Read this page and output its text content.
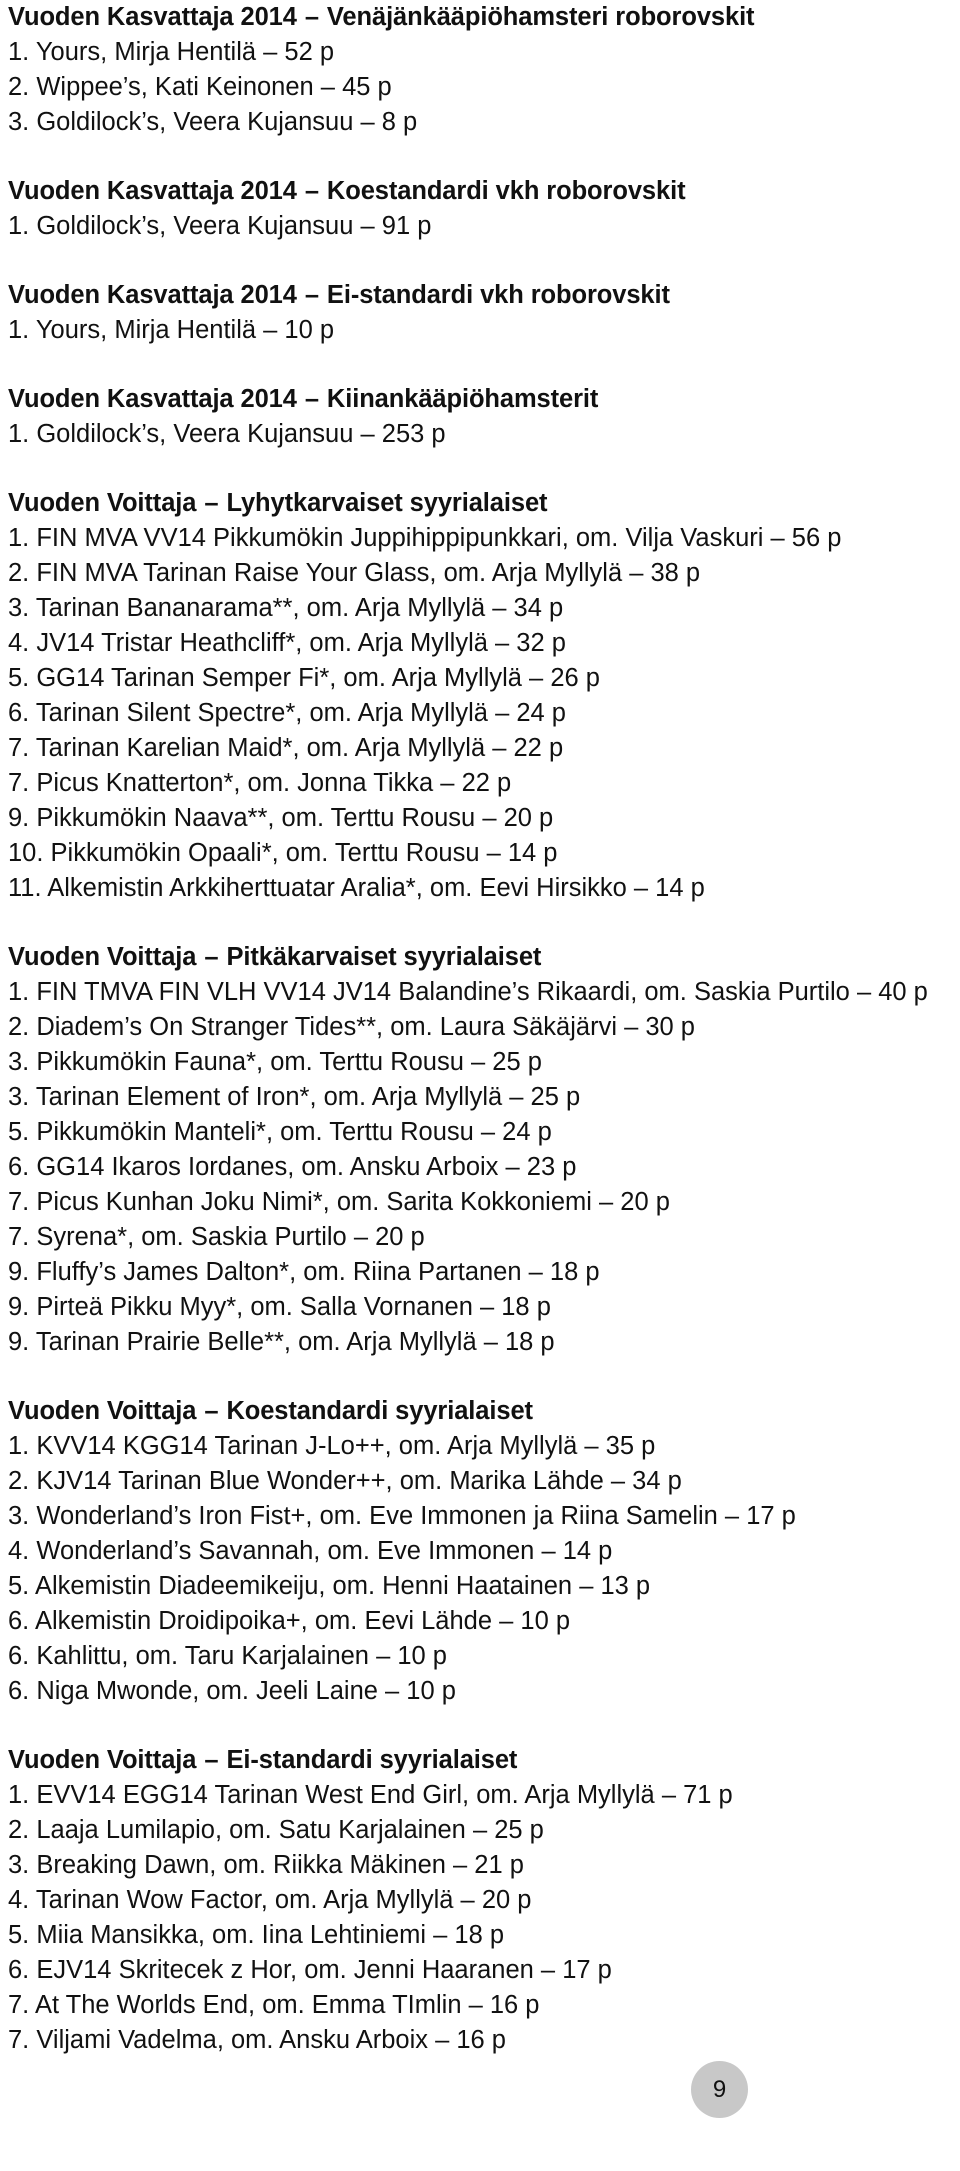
Vuoden Kasvattaja 2014 – Venäjänkääpiöhamsteri roborovskit
1. Yours, Mirja Hentilä – 52 p
2. Wippee’s, Kati Keinonen – 45 p
3. Goldilock’s, Veera Kujansuu – 8 p
Vuoden Kasvattaja 2014 – Koestandardi vkh roborovskit
1. Goldilock’s, Veera Kujansuu – 91 p
Vuoden Kasvattaja 2014 – Ei-standardi vkh roborovskit
1. Yours, Mirja Hentilä – 10 p
Vuoden Kasvattaja 2014 – Kiinankääpiöhamsterit
1. Goldilock’s, Veera Kujansuu – 253 p
Vuoden Voittaja – Lyhytkarvaiset syyrialaiset
1. FIN MVA VV14 Pikkumökin Juppihippipunkkari, om. Vilja Vaskuri – 56 p
2. FIN MVA Tarinan Raise Your Glass, om. Arja Myllylä – 38 p
3. Tarinan Bananarama**, om. Arja Myllylä – 34 p
4. JV14 Tristar Heathcliff*, om. Arja Myllylä – 32 p
5. GG14 Tarinan Semper Fi*, om. Arja Myllylä – 26 p
6. Tarinan Silent Spectre*, om. Arja Myllylä – 24 p
7. Tarinan Karelian Maid*, om. Arja Myllylä – 22 p
7. Picus Knatterton*, om. Jonna Tikka – 22 p
9. Pikkumökin Naava**, om. Terttu Rousu – 20 p
10. Pikkumökin Opaali*, om. Terttu Rousu – 14 p
11. Alkemistin Arkkiherttuatar Aralia*, om. Eevi Hirsikko – 14 p
Vuoden Voittaja – Pitkäkarvaiset syyrialaiset
1. FIN TMVA FIN VLH VV14 JV14 Balandine’s Rikaardi, om. Saskia Purtilo – 40 p
2. Diadem’s On Stranger Tides**, om. Laura Säkäjärvi – 30 p
3. Pikkumökin Fauna*, om. Terttu Rousu – 25 p
3. Tarinan Element of Iron*, om. Arja Myllylä – 25 p
5. Pikkumökin Manteli*, om. Terttu Rousu – 24 p
6. GG14 Ikaros Iordanes, om. Ansku Arboix – 23 p
7. Picus Kunhan Joku Nimi*, om. Sarita Kokkoniemi – 20 p
7. Syrena*, om. Saskia Purtilo – 20 p
9. Fluffy’s James Dalton*, om. Riina Partanen – 18 p
9. Pirteä Pikku Myy*, om. Salla Vornanen – 18 p
9. Tarinan Prairie Belle**, om. Arja Myllylä – 18 p
Vuoden Voittaja – Koestandardi syyrialaiset
1. KVV14 KGG14 Tarinan J-Lo++, om. Arja Myllylä – 35 p
2. KJV14 Tarinan Blue Wonder++, om. Marika Lähde – 34 p
3. Wonderland’s Iron Fist+, om. Eve Immonen ja Riina Samelin – 17 p
4. Wonderland’s Savannah, om. Eve Immonen – 14 p
5. Alkemistin Diadeemikeiju, om. Henni Haatainen – 13 p
6. Alkemistin Droidipoika+, om. Eevi Lähde – 10 p
6. Kahlittu, om. Taru Karjalainen – 10 p
6. Niga Mwonde, om. Jeeli Laine – 10 p
Vuoden Voittaja – Ei-standardi syyrialaiset
1. EVV14 EGG14 Tarinan West End Girl, om. Arja Myllylä – 71 p
2. Laaja Lumilapio, om. Satu Karjalainen – 25 p
3. Breaking Dawn, om. Riikka Mäkinen – 21 p
4. Tarinan Wow Factor, om. Arja Myllylä – 20 p
5. Miia Mansikka, om. Iina Lehtiniemi – 18 p
6. EJV14 Skritecek z Hor, om. Jenni Haaranen – 17 p
7. At The Worlds End, om. Emma TImlin – 16 p
7. Viljami Vadelma, om. Ansku Arboix – 16 p
9
